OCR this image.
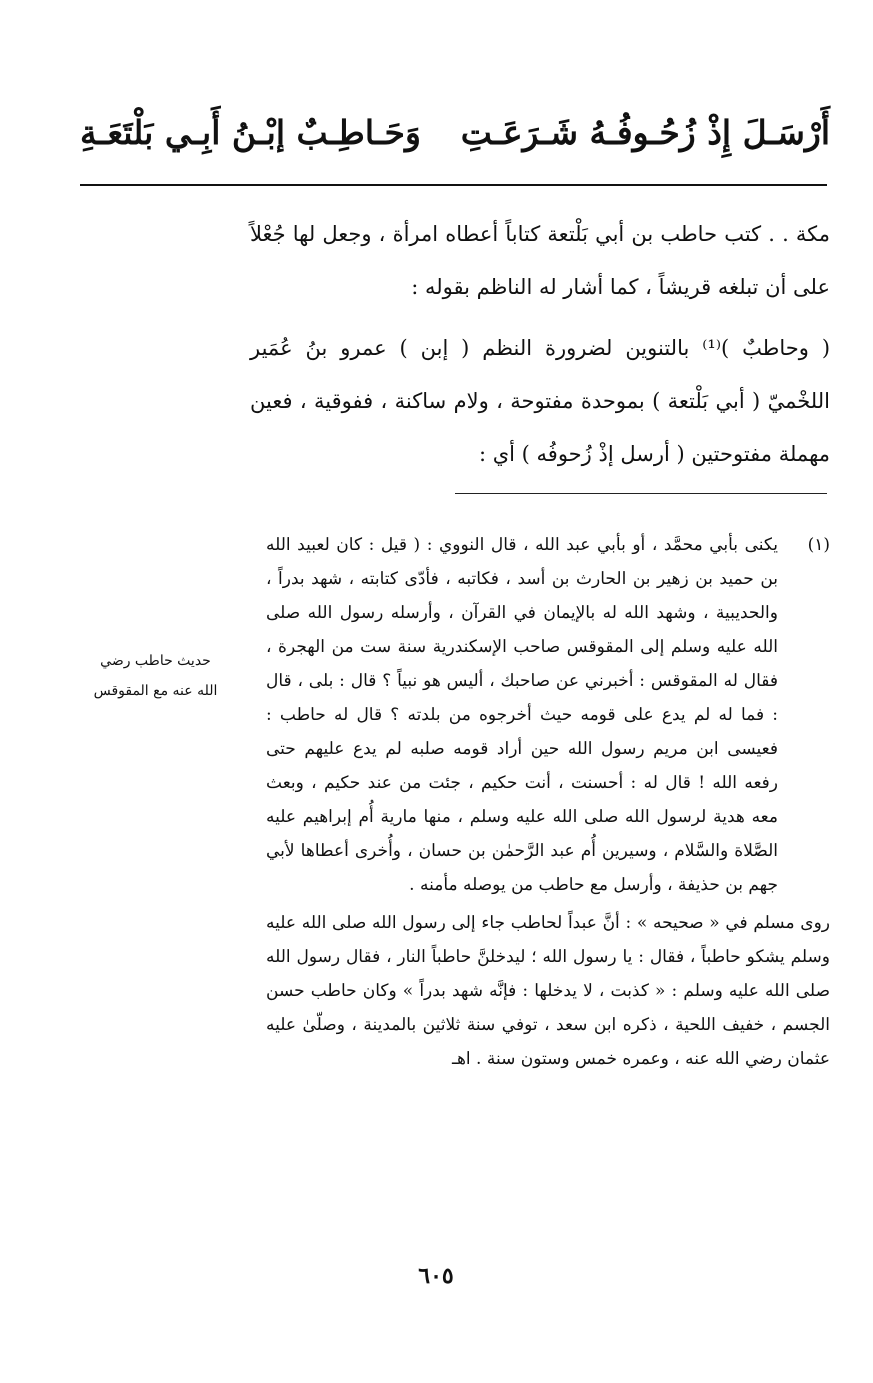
وَحَـاطِـبٌ إبْـنُ أَبِـي بَلْتَعَـةِ أَرْسَـلَ إِذْ زُحُـوفُـهُ شَـرَعَـتِ

مكة . . كتب حاطب بن أبي بَلْتعة كتاباً أعطاه امرأة ، وجعل لها جُعْلاً على أن تبلغه قريشاً ، كما أشار له الناظم بقوله :

( وحاطبٌ )⁽¹⁾ بالتنوين لضرورة النظم ( إبن ) عمرو بنُ عُمَير اللخْميّ ( أبي بَلْتعة ) بموحدة مفتوحة ، ولام ساكنة ، ففوقية ، فعين مهملة مفتوحتين ( أرسل إذْ زُحوفُه ) أي :

(١)

يكنى بأبي محمَّد ، أو بأبي عبد الله ، قال النووي : ( قيل : كان لعبيد الله بن حميد بن زهير بن الحارث بن أسد ، فكاتبه ، فأدّى كتابته ، شهد بدراً ، والحديبية ، وشهد الله له بالإيمان في القرآن ، وأرسله رسول الله صلى الله عليه وسلم إلى المقوقس صاحب الإسكندرية سنة ست من الهجرة ، فقال له المقوقس : أخبرني عن صاحبك ، أليس هو نبياً ؟ قال : بلى ، قال : فما له لم يدع على قومه حيث أخرجوه من بلدته ؟ قال له حاطب : فعيسى ابن مريم رسول الله حين أراد قومه صلبه لم يدع عليهم حتى رفعه الله ! قال له : أحسنت ، أنت حكيم ، جئت من عند حكيم ، وبعث معه هدية لرسول الله صلى الله عليه وسلم ، منها مارية أُم إبراهيم عليه الصَّلاة والسَّلام ، وسيرين أُم عبد الرَّحمٰن بن حسان ، وأُخرى أعطاها لأبي جهم بن حذيفة ، وأرسل مع حاطب من يوصله مأمنه .

روى مسلم في « صحيحه » : أنَّ عبداً لحاطب جاء إلى رسول الله صلى الله عليه وسلم يشكو حاطباً ، فقال : يا رسول الله ؛ ليدخلنَّ حاطباً النار ، فقال رسول الله صلى الله عليه وسلم : « كذبت ، لا يدخلها : فإنَّه شهد بدراً » وكان حاطب حسن الجسم ، خفيف اللحية ، ذكره ابن سعد ، توفي سنة ثلاثين بالمدينة ، وصلّىٰ عليه عثمان رضي الله عنه ، وعمره خمس وستون سنة . اهـ

حديث حاطب رضي
الله عنه مع المقوقس
٦٠٥
